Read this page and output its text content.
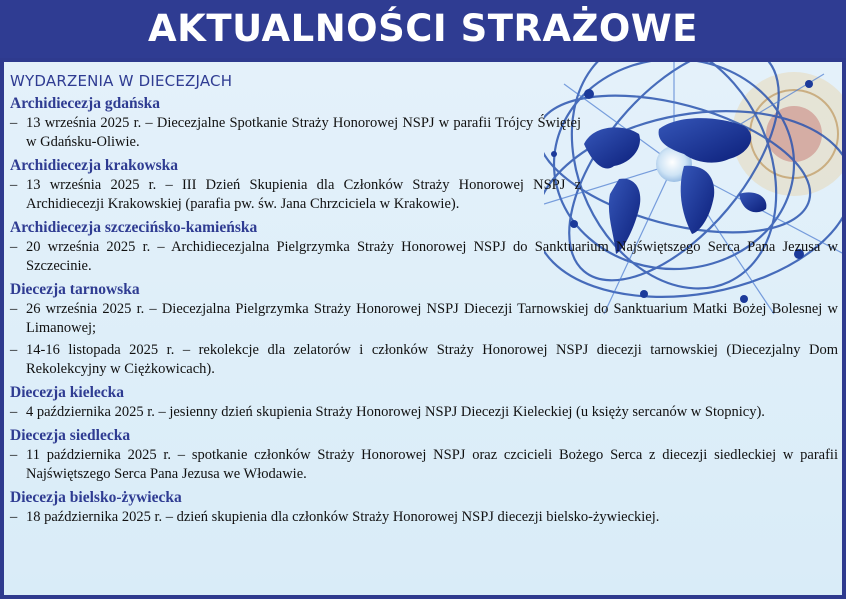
AKTUALNOŚCI STRAŻOWE
WYDARZENIA W DIECEZJACH

Archidiecezja gdańska

– 13 września 2025 r. – Diecezjalne Spotkanie Straży Honorowej NSPJ w parafii Trójcy Świętej w Gdańsku-Oliwie.

Archidiecezja krakowska

– 13 września 2025 r. – III Dzień Skupienia dla Członków Straży Honorowej NSPJ z Archidiecezji Krakowskiej (parafia pw. św. Jana Chrzciciela w Krakowie).

Archidiecezja szczecińsko-kamieńska

– 20 września 2025 r. – Archidiecezjalna Pielgrzymka Straży Honorowej NSPJ do Sanktuarium Najświętszego Serca Pana Jezusa w Szczecinie.

Diecezja tarnowska

– 26 września 2025 r. – Diecezjalna Pielgrzymka Straży Honorowej NSPJ Diecezji Tarnowskiej do Sanktuarium Matki Bożej Bolesnej w Limanowej;

– 14-16 listopada 2025 r. – rekolekcje dla zelatorów i członków Straży Honorowej NSPJ diecezji tarnowskiej (Diecezjalny Dom Rekolekcyjny w Ciężkowicach).

Diecezja kielecka

– 4 października 2025 r. – jesienny dzień skupienia Straży Honorowej NSPJ Diecezji Kieleckiej (u księży sercanów w Stopnicy).

Diecezja siedlecka

– 11 października 2025 r. – spotkanie członków Straży Honorowej NSPJ oraz czcicieli Bożego Serca z diecezji siedleckiej w parafii Najświętszego Serca Pana Jezusa we Włodawie.

Diecezja bielsko-żywiecka

– 18 października 2025 r. – dzień skupienia dla członków Straży Honorowej NSPJ diecezji bielsko-żywieckiej.
